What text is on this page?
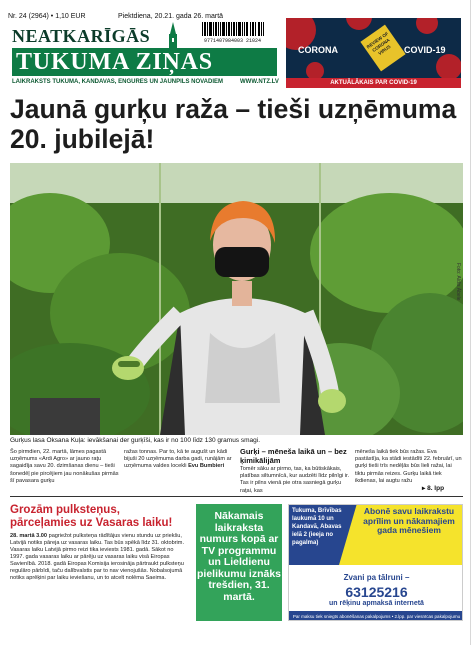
Nr. 24 (2964) • 1,10 EUR	Piektdiena, 20.21. gada 26. martā
NEATKARĪGĀS	9771407984003 21024
TUKUMA ZIŅAS
LAIKRAKSTS TUKUMA, KANDAVAS, ENGURES UN JAUNPILS NOVADIEM	WWW.NTZ.LV
CORONA
REVIEW OF CORONA VIRUS	COVID-19
AKTUĀLĀKAIS PAR COVID-19
Jaunā gurķu raža – tieši uzņēmuma 20. jubilejā!
Foto: Aldis Ābele
Gurķus lasa Oksana Kuļa: ievākšanai der gurķīši, kas ir no 100 līdz 130 gramus smagi.
Šo pirmdien, 22. martā, lāmes pagastā uzņēmums «Ardi Agro» ar jauno raţu sagaidīja savu 20. dzimšanas dienu – tieši šonedēļ pie pircējiem jau nonākušas pirmās šī pavasara gurķu
ražas tonnas. Par to, kā te augušt un kādi bijuši 20 uzņēmuma darba gadi, runājām ar uzņēmuma valdes locekli Evu Bumbieri
Gurķi – mēneša laikā un – bez ķimikālijām
Tomēr sāku ar pirmo, tas, ka būtiskākais, platības siltumnīcā, kur audzēti līdz pilnīgi ir. Tas ir pilns vienā pie otra sasniegā gurķu raţai, kas
mēneša laikā tiek būs ražas. Eva pastāstīja, ka stādi iestādīti 22. februārī, un gurķi tieši trīs nedēļās būs lieli ražai, lai tiktu pirmās reizes. Gurķu laikā tiek ikdienas, lai augtu ražu
▸ 8. lpp
Grozām pulksteņus, pārceļamies uz Vasaras laiku!
28. martā 3.00 pagriežot pulksteņa rādītājus vienu stundu uz priekšu, Latvijā notiks pāreja uz vasaras laiku. Tas būs spēkā līdz 31. oktobrim. Vasaras laiku Latvijā pirmo reizi tika ieviests 1981. gadā. Sākot no 1997. gada vasaras laiku ar pārēju uz vasaras laiku visā Eiropas Savienībā. 2018. gadā Eiropas Komisija ierosināja pārtraukt pulksteņu regulāro pārbīdi, taču dalībvalstis par to nav vienojušās. Nobalsojumā notiks aprēķini par laiku ieviešanu, un to atcelt nolēma Saeima.
Nākamais laikraksta numurs kopā ar TV programmu un Lieldienu pielikumu iznāks trešdien, 31. martā.
Tukuma, Brīvības laukumā 10 un Kandavā, Abavas ielā 2 (ieeja no pagalma)
Abonē savu laikrakstu aprīlim un nākamajiem gada mēnešiem
Zvani pa tālruni –
63125216
un rēķinu apmaksā internetā
Par maksu tiek sniegts abonēšanas pakalpojums • 2.lpp. par viesnīcas pakalpojumu
